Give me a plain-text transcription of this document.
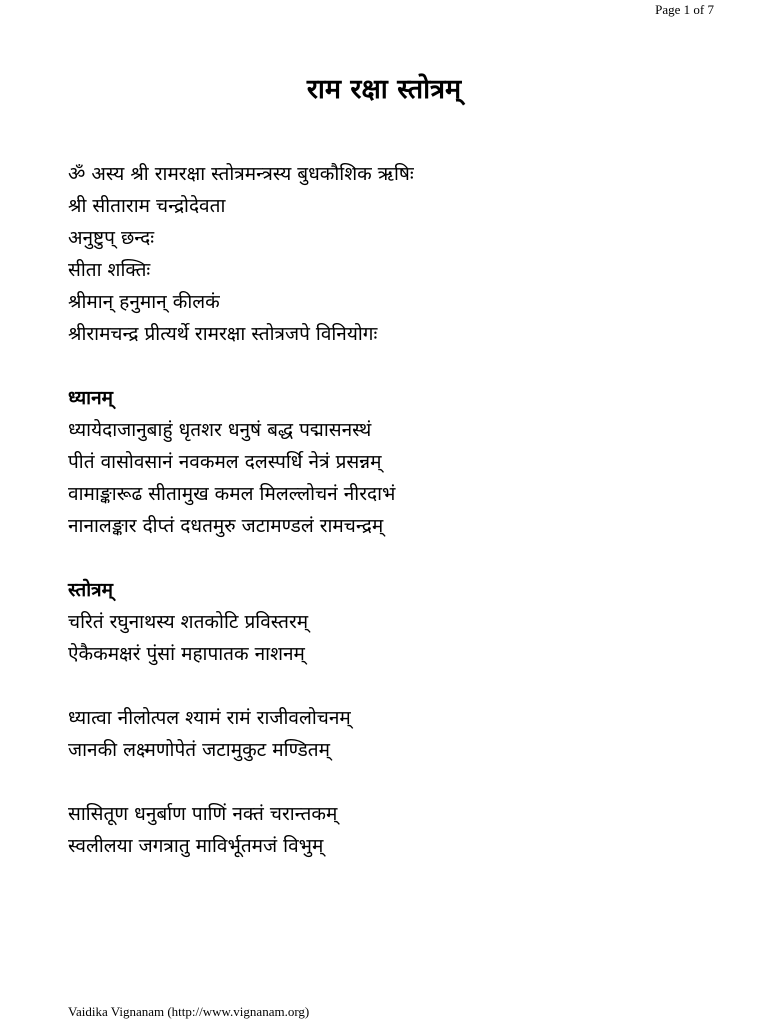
Page 1 of 7
राम रक्षा स्तोत्रम्
ॐ अस्य श्री रामरक्षा स्तोत्रमन्त्रस्य बुधकौशिक ऋषिः
श्री सीताराम चन्द्रोदेवता
अनुष्टुप् छन्दः
सीता शक्तिः
श्रीमान् हनुमान् कीलकं
श्रीरामचन्द्र प्रीत्यर्थे रामरक्षा स्तोत्रजपे विनियोगः
ध्यानम्
ध्यायेदाजानुबाहुं धृतशर धनुषं बद्ध पद्मासनस्थं
पीतं वासोवसानं नवकमल दलस्पर्धि नेत्रं प्रसन्नम्
वामाङ्कारूढ सीतामुख कमल मिलल्लोचनं नीरदाभं
नानालङ्कार दीप्तं दधतमुरु जटामण्डलं रामचन्द्रम्
स्तोत्रम्
चरितं रघुनाथस्य शतकोटि प्रविस्तरम्
ऐकैकमक्षरं पुंसां महापातक नाशनम्
ध्यात्वा नीलोत्पल श्यामं रामं राजीवलोचनम्
जानकी लक्ष्मणोपेतं जटामुकुट मण्डितम्
सासितूण धनुर्बाण पाणिं नक्तं चरान्तकम्
स्वलीलया जगत्रातु माविर्भूतमजं विभुम्
Vaidika Vignanam (http://www.vignanam.org)
